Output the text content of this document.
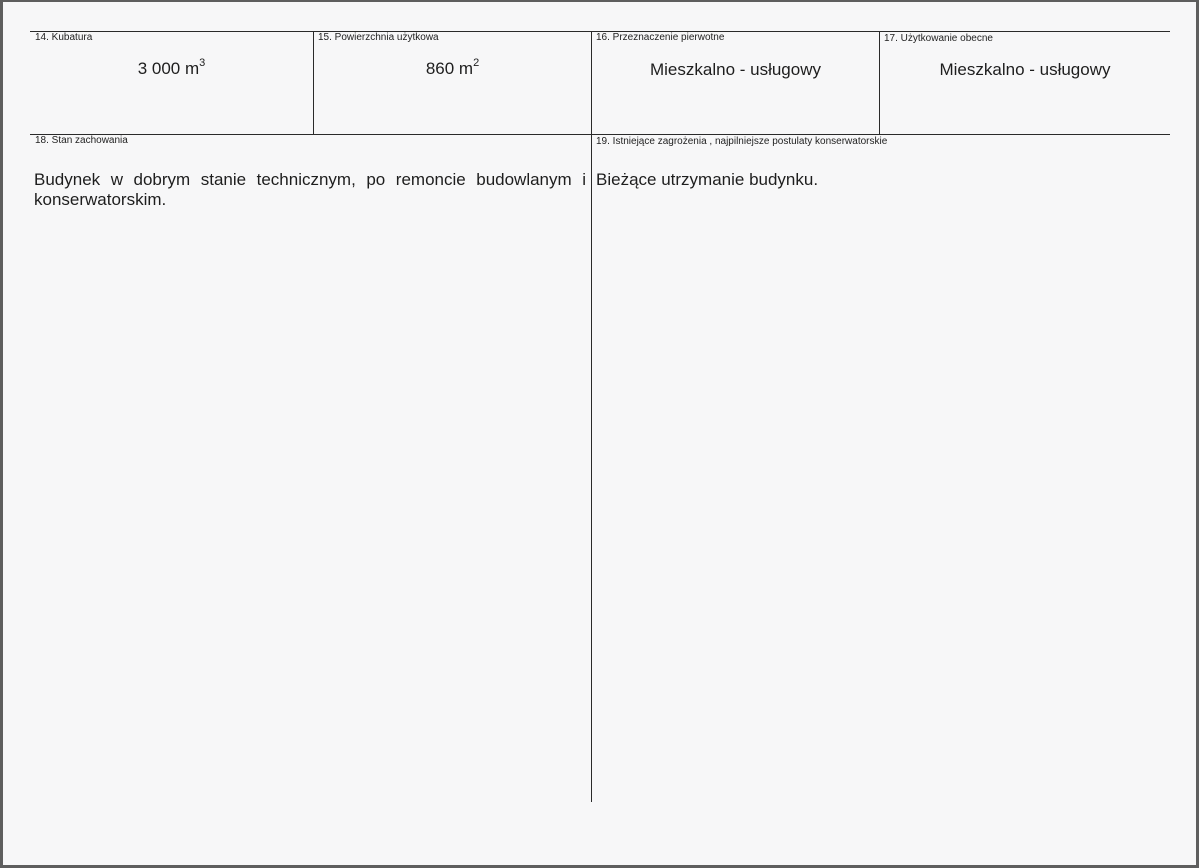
14. Kubatura
3 000 $m^3$
15. Powierzchnia użytkowa
860 $m^2$
16. Przeznaczenie pierwotne
Mieszkalno - usługowy
17. Użytkowanie obecne
Mieszkalno - usługowy
18. Stan zachowania
Budynek w dobrym stanie technicznym, po remoncie budowlanym i konserwatorskim.
19. Istniejące zagrożenia , najpilniejsze postulaty konserwatorskie
Bieżące utrzymanie budynku.
